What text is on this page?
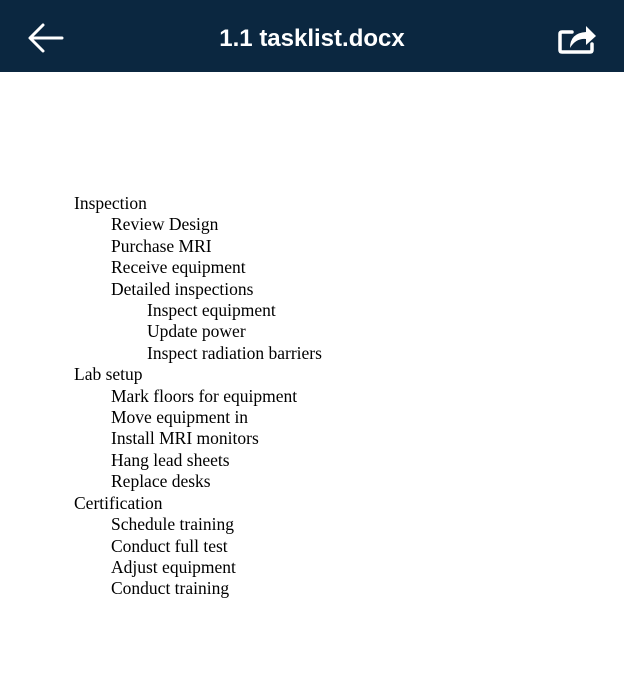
1.1 tasklist.docx
Inspection
Review Design
Purchase MRI
Receive equipment
Detailed inspections
Inspect equipment
Update power
Inspect radiation barriers
Lab setup
Mark floors for equipment
Move equipment in
Install MRI monitors
Hang lead sheets
Replace desks
Certification
Schedule training
Conduct full test
Adjust equipment
Conduct training
